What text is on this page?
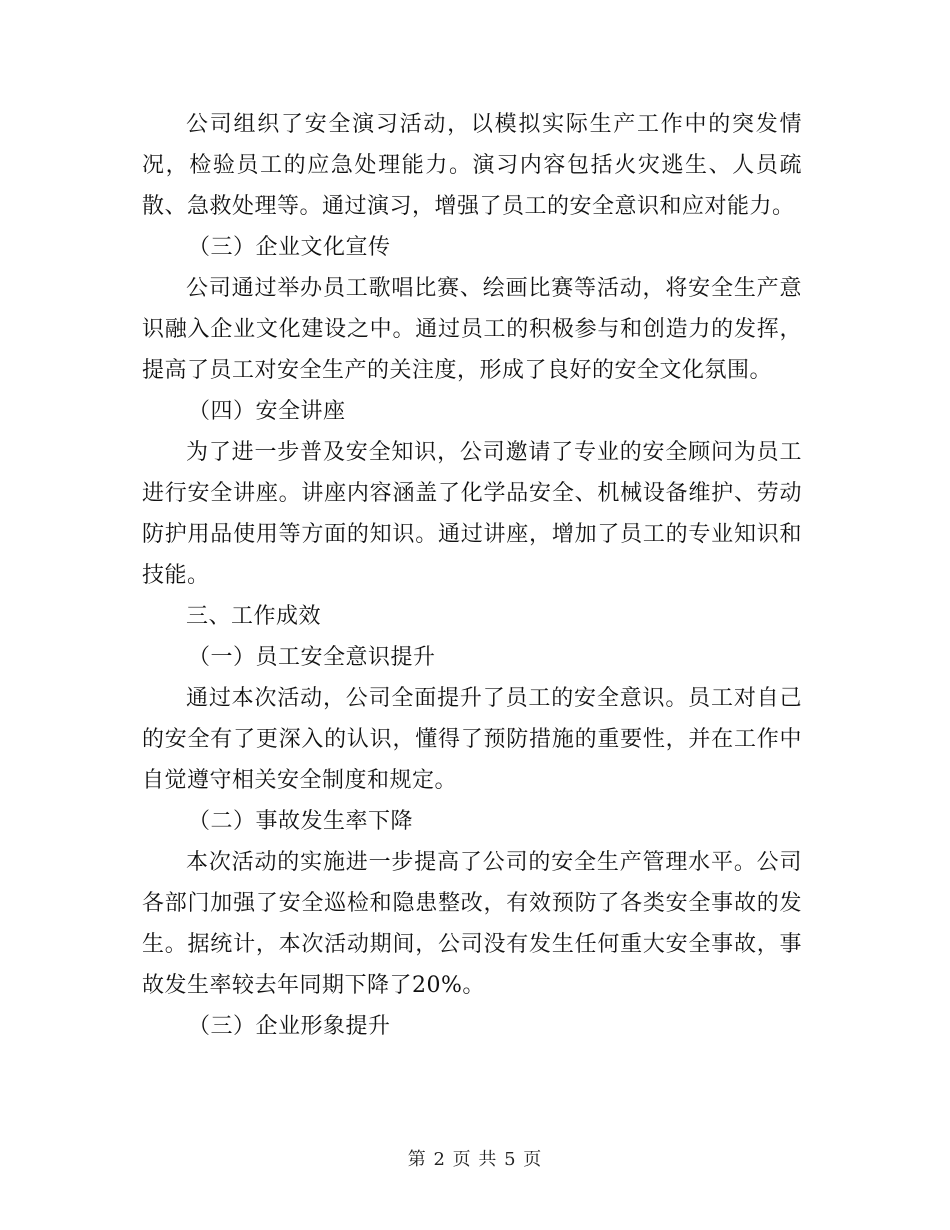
公司组织了安全演习活动，以模拟实际生产工作中的突发情况，检验员工的应急处理能力。演习内容包括火灾逃生、人员疏散、急救处理等。通过演习，增强了员工的安全意识和应对能力。

（三）企业文化宣传

公司通过举办员工歌唱比赛、绘画比赛等活动，将安全生产意识融入企业文化建设之中。通过员工的积极参与和创造力的发挥，提高了员工对安全生产的关注度，形成了良好的安全文化氛围。

（四）安全讲座

为了进一步普及安全知识，公司邀请了专业的安全顾问为员工进行安全讲座。讲座内容涵盖了化学品安全、机械设备维护、劳动防护用品使用等方面的知识。通过讲座，增加了员工的专业知识和技能。

三、工作成效

（一）员工安全意识提升

通过本次活动，公司全面提升了员工的安全意识。员工对自己的安全有了更深入的认识，懂得了预防措施的重要性，并在工作中自觉遵守相关安全制度和规定。

（二）事故发生率下降

本次活动的实施进一步提高了公司的安全生产管理水平。公司各部门加强了安全巡检和隐患整改，有效预防了各类安全事故的发生。据统计，本次活动期间，公司没有发生任何重大安全事故，事故发生率较去年同期下降了20%。

（三）企业形象提升

第 2 页 共 5 页
